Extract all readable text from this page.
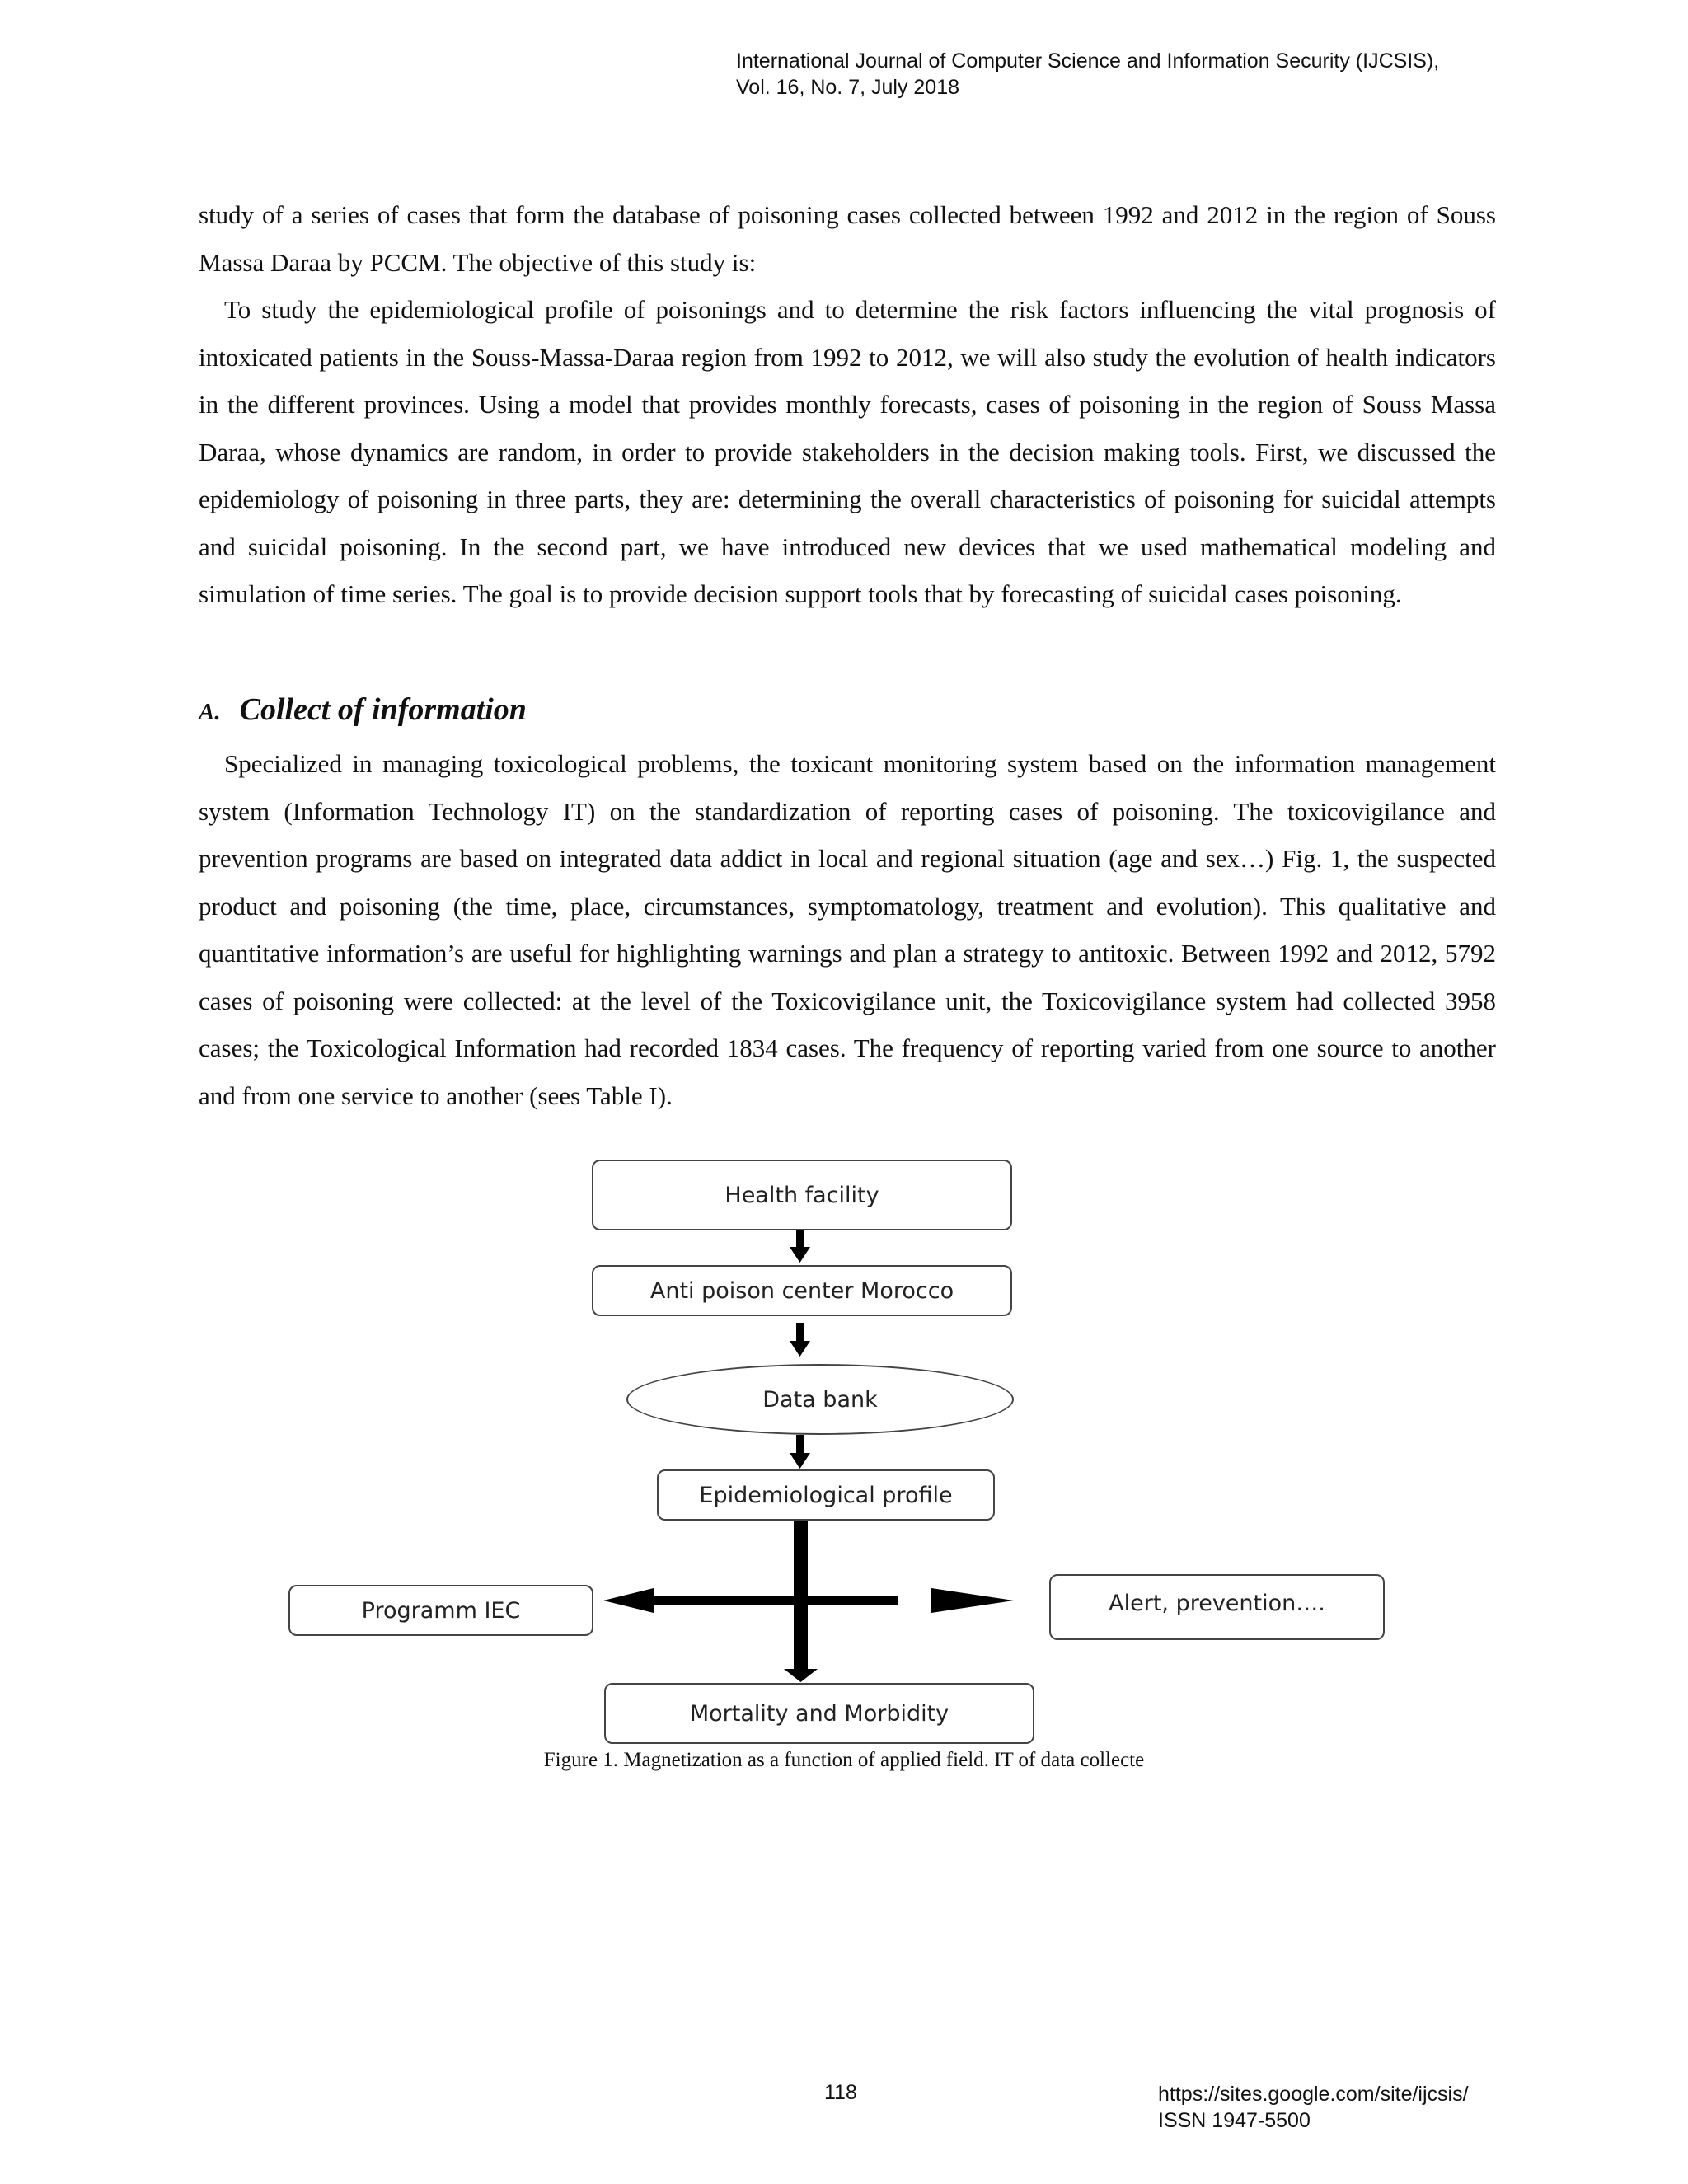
International Journal of Computer Science and Information Security (IJCSIS),
Vol. 16, No. 7, July 2018

study of a series of cases that form the database of poisoning cases collected between 1992 and 2012 in the region of Souss Massa Daraa by PCCM. The objective of this study is:

To study the epidemiological profile of poisonings and to determine the risk factors influencing the vital prognosis of intoxicated patients in the Souss-Massa-Daraa region from 1992 to 2012, we will also study the evolution of health indicators in the different provinces. Using a model that provides monthly forecasts, cases of poisoning in the region of Souss Massa Daraa, whose dynamics are random, in order to provide stakeholders in the decision making tools. First, we discussed the epidemiology of poisoning in three parts, they are: determining the overall characteristics of poisoning for suicidal attempts and suicidal poisoning. In the second part, we have introduced new devices that we used mathematical modeling and simulation of time series. The goal is to provide decision support tools that by forecasting of suicidal cases poisoning.

A. Collect of information

Specialized in managing toxicological problems, the toxicant monitoring system based on the information management system (Information Technology IT) on the standardization of reporting cases of poisoning. The toxicovigilance and prevention programs are based on integrated data addict in local and regional situation (age and sex…) Fig. 1, the suspected product and poisoning (the time, place, circumstances, symptomatology, treatment and evolution). This qualitative and quantitative information’s are useful for highlighting warnings and plan a strategy to antitoxic. Between 1992 and 2012, 5792 cases of poisoning were collected: at the level of the Toxicovigilance unit, the Toxicovigilance system had collected 3958 cases; the Toxicological Information had recorded 1834 cases. The frequency of reporting varied from one source to another and from one service to another (sees Table I).

Health facility
Anti poison center Morocco
Data bank
Epidemiological profile
Programm IEC	Alert, prevention….
Mortality and Morbidity
Figure 1. Magnetization as a function of applied field. IT of data collecte
118	https://sites.google.com/site/ijcsis/
ISSN 1947-5500
